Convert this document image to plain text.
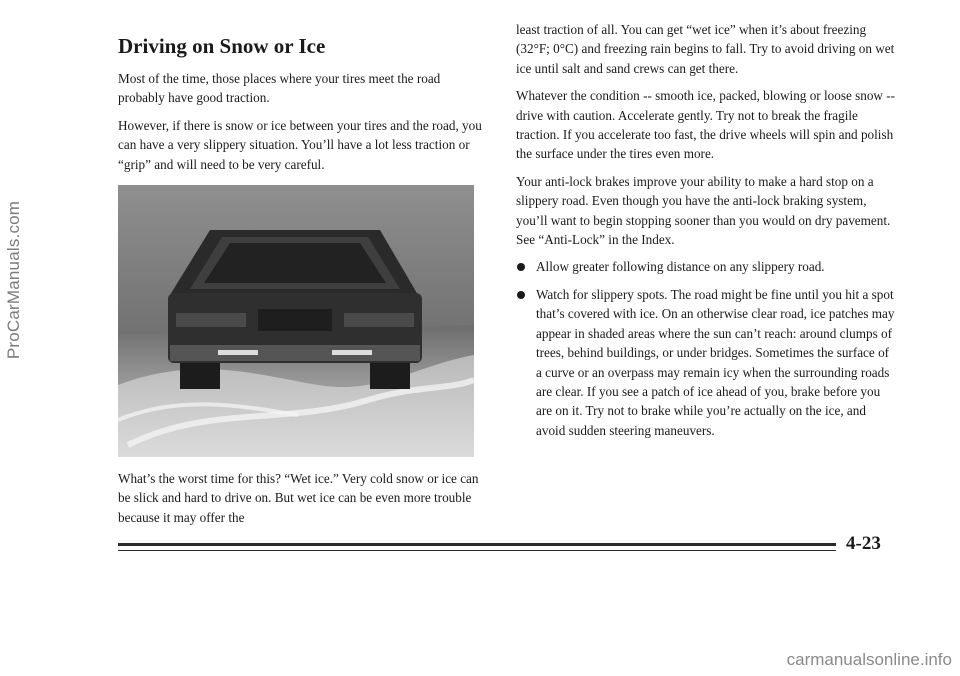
ProCarManuals.com
Driving on Snow or Ice

Most of the time, those places where your tires meet the road probably have good traction.

However, if there is snow or ice between your tires and the road, you can have a very slippery situation. You’ll have a lot less traction or “grip” and will need to be very careful.

What’s the worst time for this? “Wet ice.” Very cold snow or ice can be slick and hard to drive on. But wet ice can be even more trouble because it may offer the

least traction of all. You can get “wet ice” when it’s about freezing (32°F; 0°C) and freezing rain begins to fall. Try to avoid driving on wet ice until salt and sand crews can get there.

Whatever the condition -- smooth ice, packed, blowing or loose snow -- drive with caution. Accelerate gently. Try not to break the fragile traction. If you accelerate too fast, the drive wheels will spin and polish the surface under the tires even more.

Your anti-lock brakes improve your ability to make a hard stop on a slippery road. Even though you have the anti-lock braking system, you’ll want to begin stopping sooner than you would on dry pavement. See “Anti-Lock” in the Index.

Allow greater following distance on any slippery road.
Watch for slippery spots. The road might be fine until you hit a spot that’s covered with ice. On an otherwise clear road, ice patches may appear in shaded areas where the sun can’t reach: around clumps of trees, behind buildings, or under bridges. Sometimes the surface of a curve or an overpass may remain icy when the surrounding roads are clear. If you see a patch of ice ahead of you, brake before you are on it. Try not to brake while you’re actually on the ice, and avoid sudden steering maneuvers.
4-23
carmanualsonline.info
